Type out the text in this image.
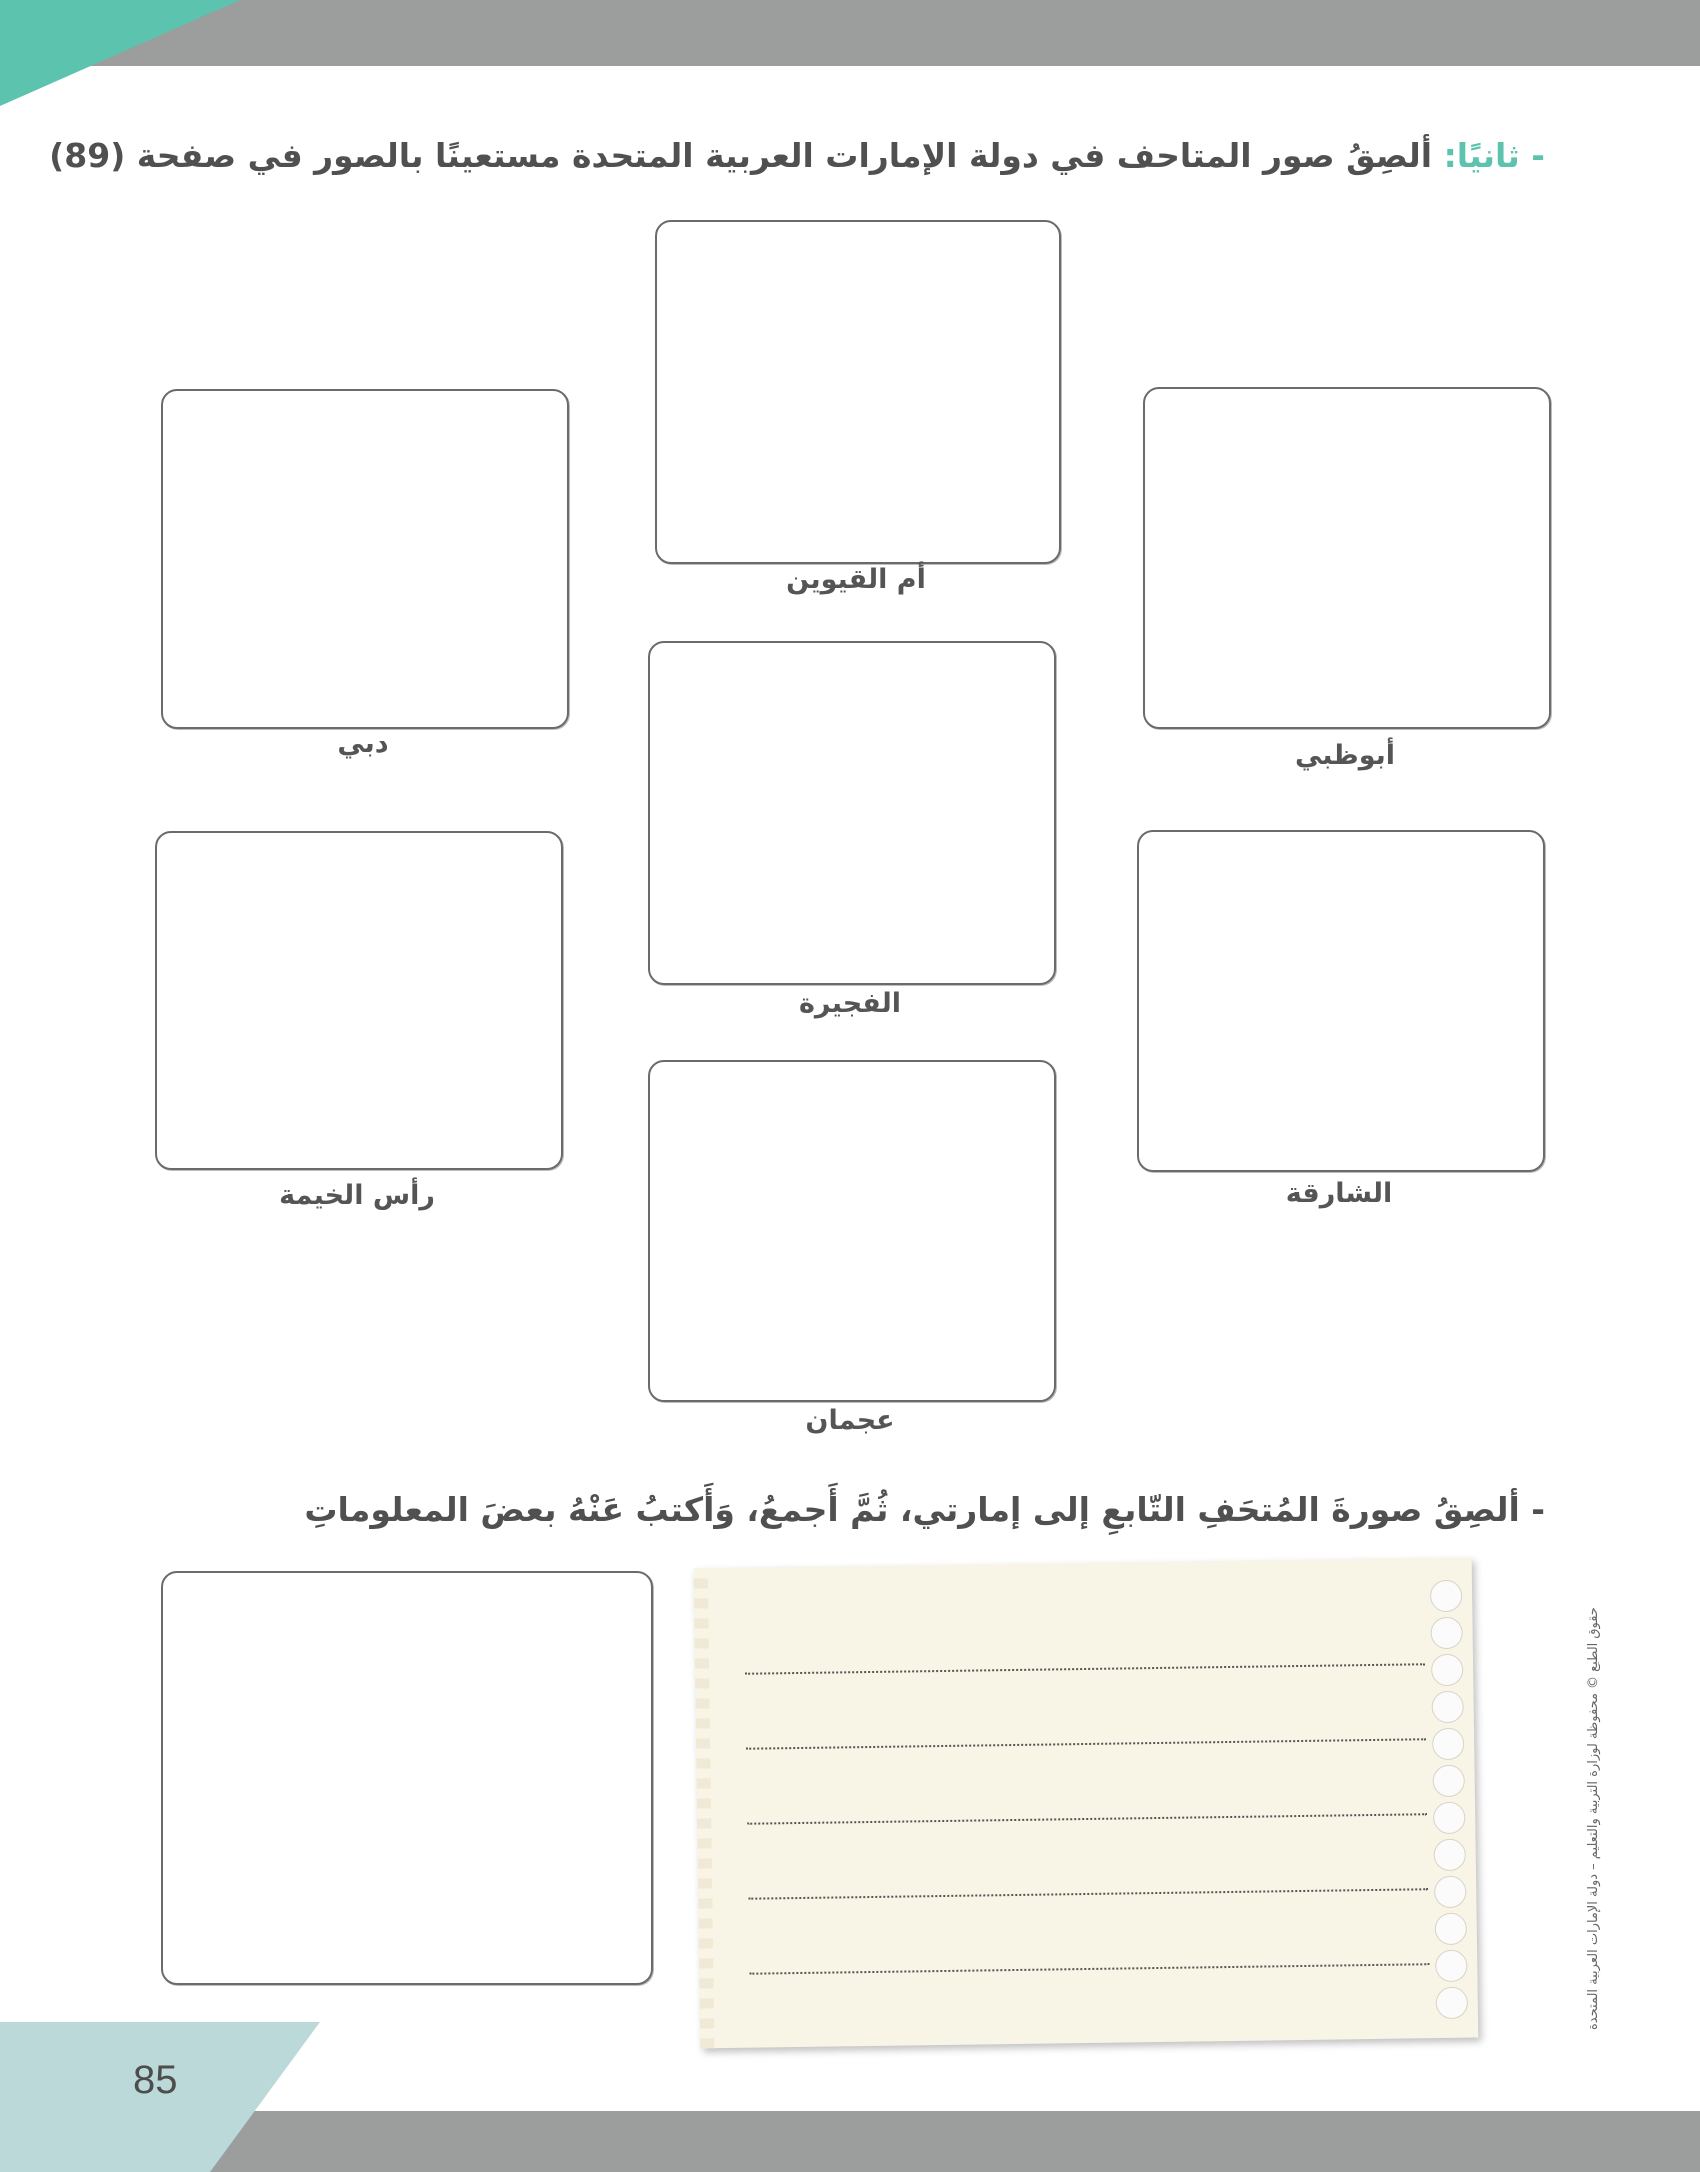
85
- ثانيًا: ألصِقُ صور المتاحف في دولة الإمارات العربية المتحدة مستعينًا بالصور في صفحة (89)
أم القيوين
دبي	أبوظبي
الفجيرة
رأس الخيمة	الشارقة
عجمان
- ألصِقُ صورةَ المُتحَفِ التّابعِ إلى إمارتي، ثُمَّ أَجمعُ، وَأَكتبُ عَنْهُ بعضَ المعلوماتِ
حقوق الطبع © محفوظة لوزارة التربية والتعليم – دولة الإمارات العربية المتحدة
